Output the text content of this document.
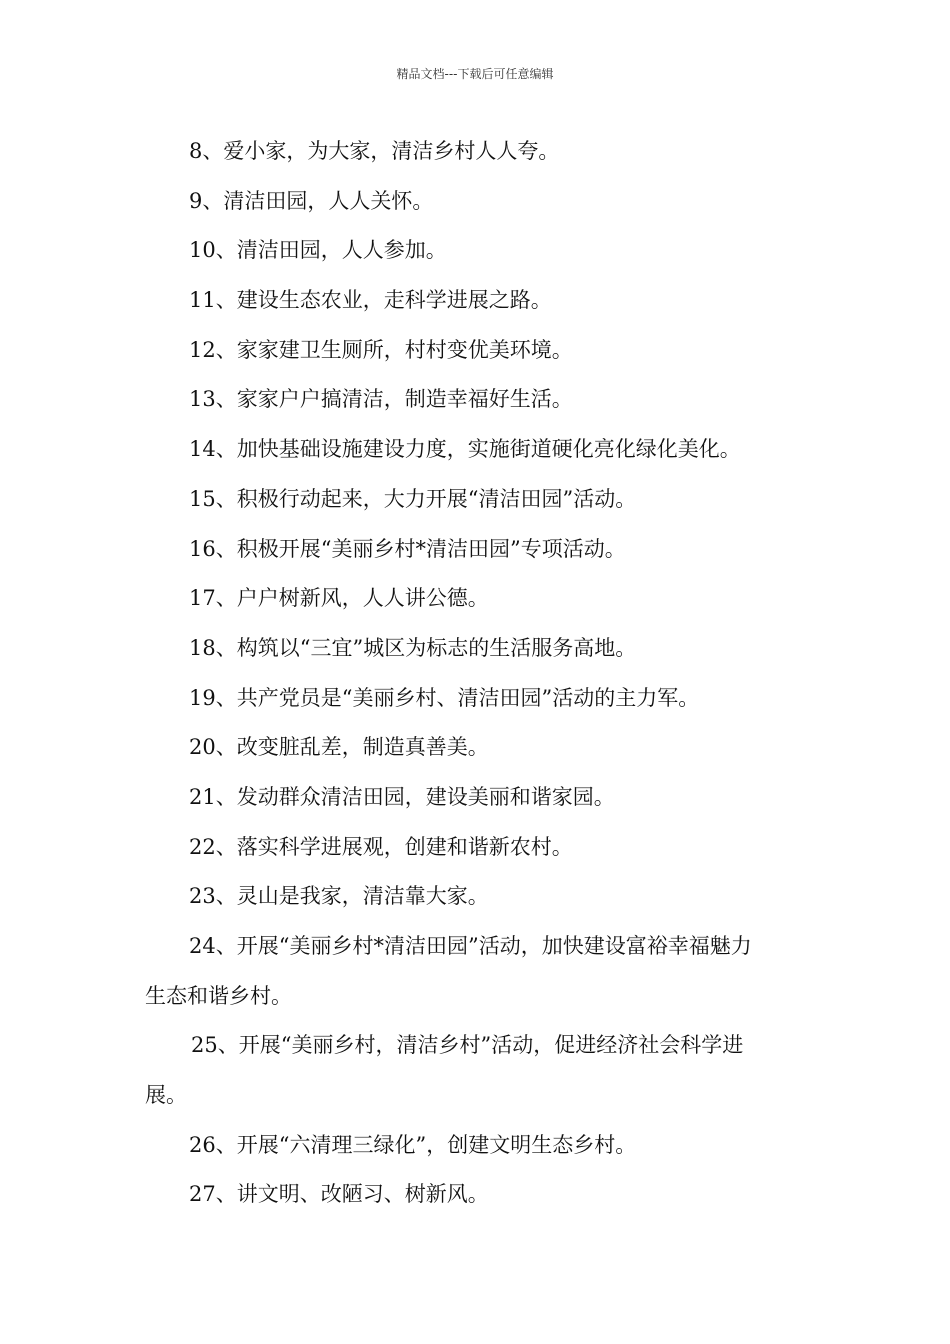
精品文档---下载后可任意编辑
8、爱小家，为大家，清洁乡村人人夸。
9、清洁田园，人人关怀。
10、清洁田园，人人参加。
11、建设生态农业，走科学进展之路。
12、家家建卫生厕所，村村变优美环境。
13、家家户户搞清洁，制造幸福好生活。
14、加快基础设施建设力度，实施街道硬化亮化绿化美化。
15、积极行动起来，大力开展“清洁田园”活动。
16、积极开展“美丽乡村*清洁田园”专项活动。
17、户户树新风，人人讲公德。
18、构筑以“三宜”城区为标志的生活服务高地。
19、共产党员是“美丽乡村、清洁田园”活动的主力军。
20、改变脏乱差，制造真善美。
21、发动群众清洁田园，建设美丽和谐家园。
22、落实科学进展观，创建和谐新农村。
23、灵山是我家，清洁靠大家。
24、开展“美丽乡村*清洁田园”活动，加快建设富裕幸福魅力
生态和谐乡村。
25、开展“美丽乡村，清洁乡村”活动，促进经济社会科学进
展。
26、开展“六清理三绿化”，创建文明生态乡村。
27、讲文明、改陋习、树新风。
